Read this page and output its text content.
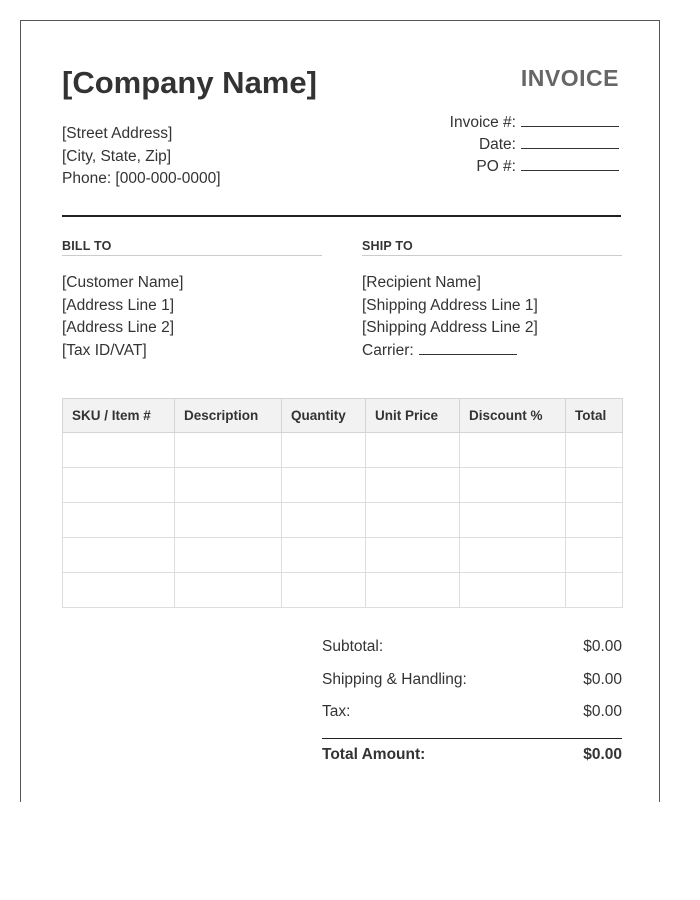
[Company Name]	INVOICE
[Street Address]
[City, State, Zip]
Phone: [000-000-0000]
Invoice #:
Date:
PO #:
BILL TO
[Customer Name]
[Address Line 1]
[Address Line 2]
[Tax ID/VAT]
SHIP TO
[Recipient Name]
[Shipping Address Line 1]
[Shipping Address Line 2]
Carrier:
SKU / Item #	Description	Quantity	Unit Price	Discount %	Total

Subtotal:	$0.00
Shipping & Handling:	$0.00
Tax:	$0.00
Total Amount:	$0.00
